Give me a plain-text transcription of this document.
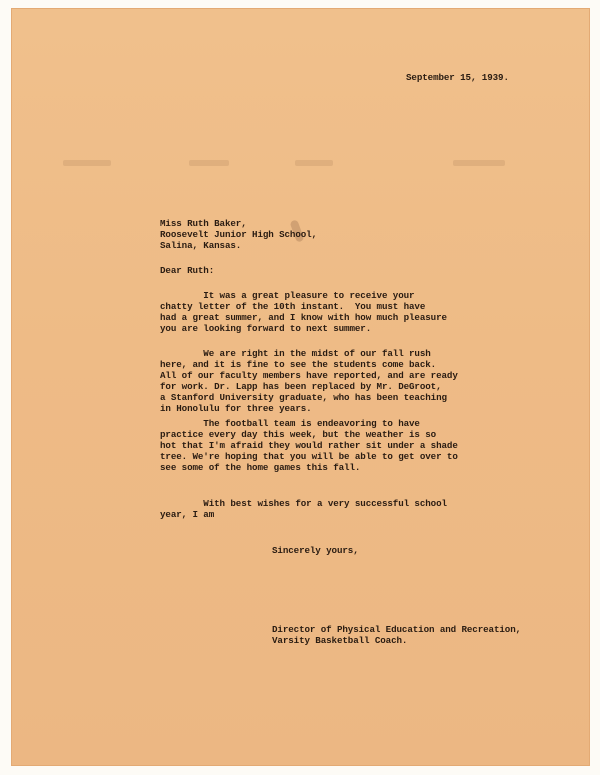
September 15, 1939.
Miss Ruth Baker,
Roosevelt Junior High School,
Salina, Kansas.
Dear Ruth:
It was a great pleasure to receive your
chatty letter of the 10th instant.  You must have
had a great summer, and I know with how much pleasure
you are looking forward to next summer.
We are right in the midst of our fall rush
here, and it is fine to see the students come back.
All of our faculty members have reported, and are ready
for work. Dr. Lapp has been replaced by Mr. DeGroot,
a Stanford University graduate, who has been teaching
in Honolulu for three years.
The football team is endeavoring to have
practice every day this week, but the weather is so
hot that I'm afraid they would rather sit under a shade
tree. We're hoping that you will be able to get over to
see some of the home games this fall.
With best wishes for a very successful school
year, I am
Sincerely yours,
Director of Physical Education and Recreation,
Varsity Basketball Coach.
